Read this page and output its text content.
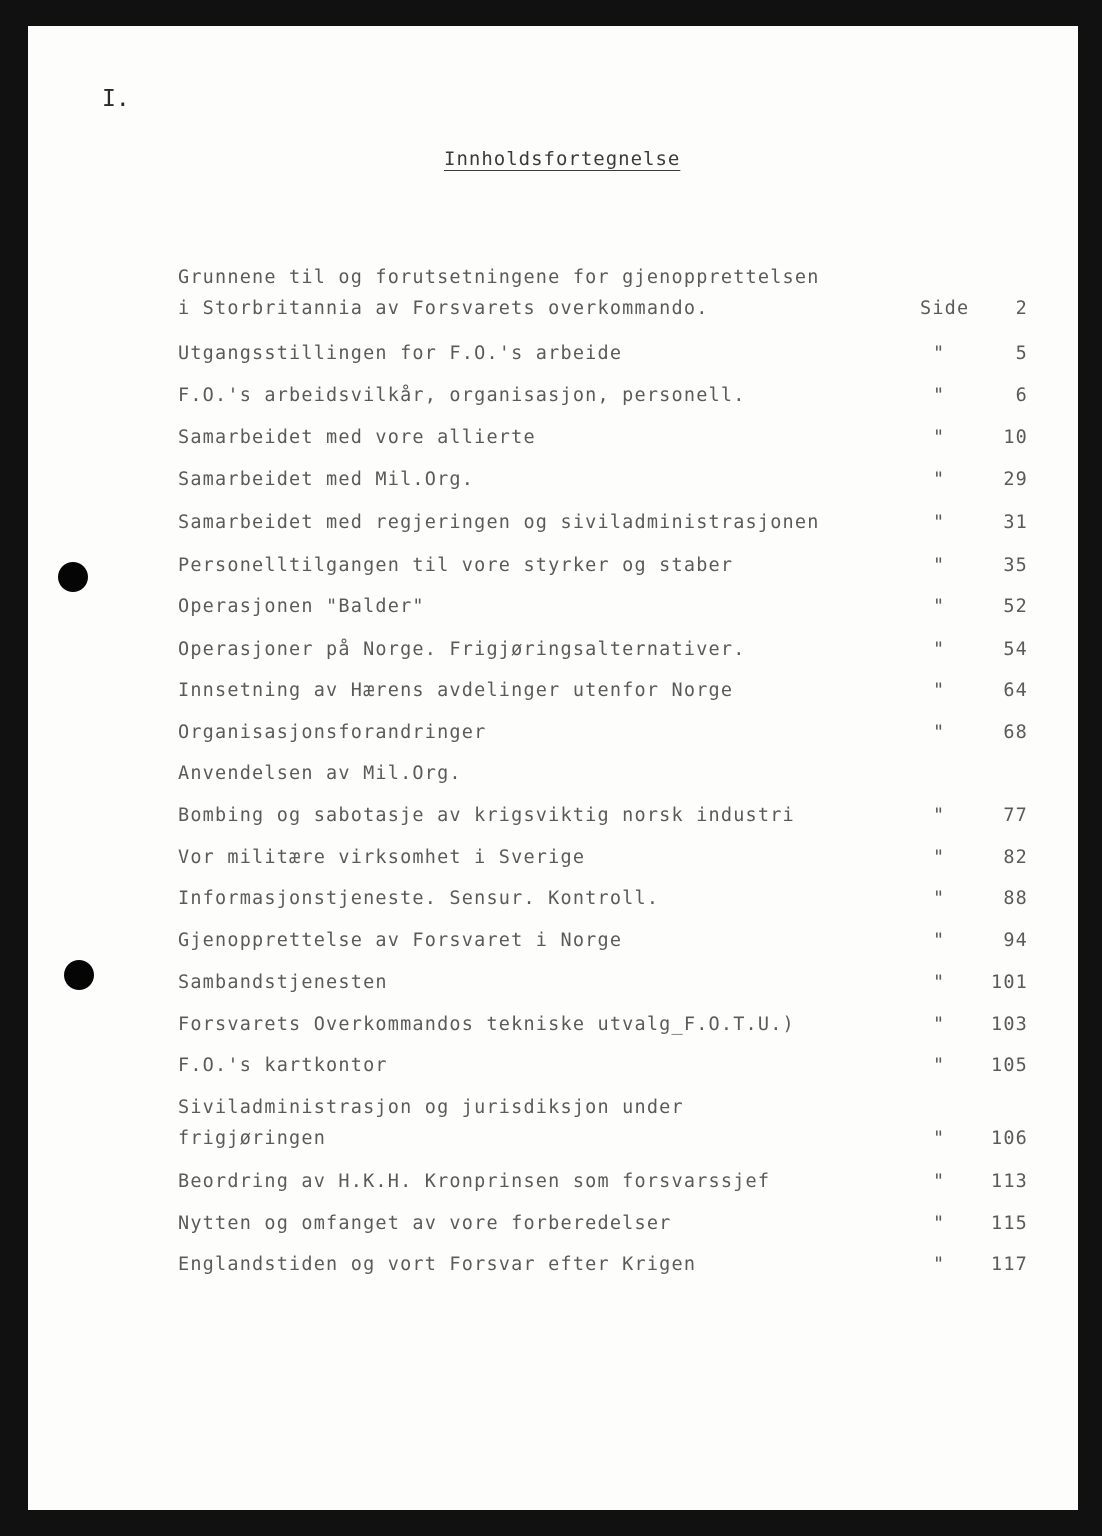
I.
Innholdsfortegnelse
Grunnene til og forutsetningene for gjenopprettelsen
i Storbritannia av Forsvarets overkommando.	Side	2
Utgangsstillingen for F.O.'s arbeide	"	5
F.O.'s arbeidsvilkår, organisasjon, personell.	"	6
Samarbeidet med vore allierte	"	10
Samarbeidet med Mil.Org.	"	29
Samarbeidet med regjeringen og siviladministrasjonen	"	31
Personelltilgangen til vore styrker og staber	"	35
Operasjonen "Balder"	"	52
Operasjoner på Norge. Frigjøringsalternativer.	"	54
Innsetning av Hærens avdelinger utenfor Norge	"	64
Organisasjonsforandringer	"	68
Anvendelsen av Mil.Org.
Bombing og sabotasje av krigsviktig norsk industri	"	77
Vor militære virksomhet i Sverige	"	82
Informasjonstjeneste. Sensur. Kontroll.	"	88
Gjenopprettelse av Forsvaret i Norge	"	94
Sambandstjenesten	" 101
Forsvarets Overkommandos tekniske utvalg_F.O.T.U.)	" 103
F.O.'s kartkontor	" 105
Siviladministrasjon og jurisdiksjon under
frigjøringen	" 106
Beordring av H.K.H. Kronprinsen som forsvarssjef	" 113
Nytten og omfanget av vore forberedelser	" 115
Englandstiden og vort Forsvar efter Krigen	" 117
